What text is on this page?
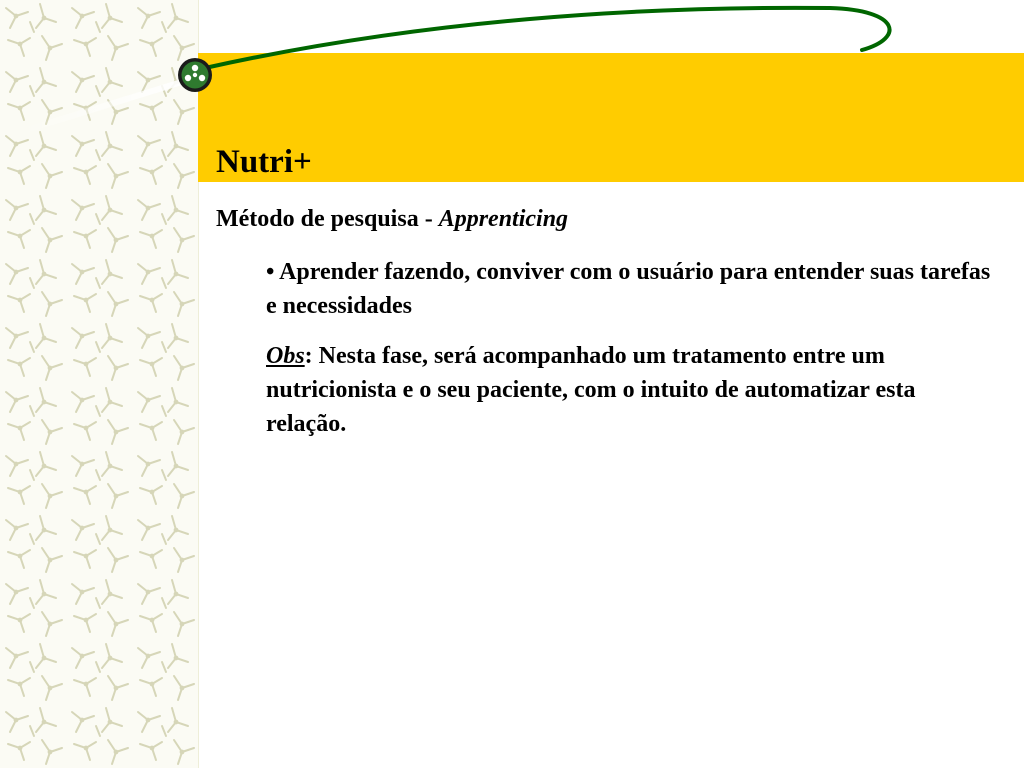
Nutri+

Método de pesquisa - Apprenticing

• Aprender fazendo, conviver com o usuário para entender suas tarefas e necessidades

Obs: Nesta fase, será acompanhado um tratamento entre um nutricionista e o seu paciente, com o intuito de automatizar esta relação.
